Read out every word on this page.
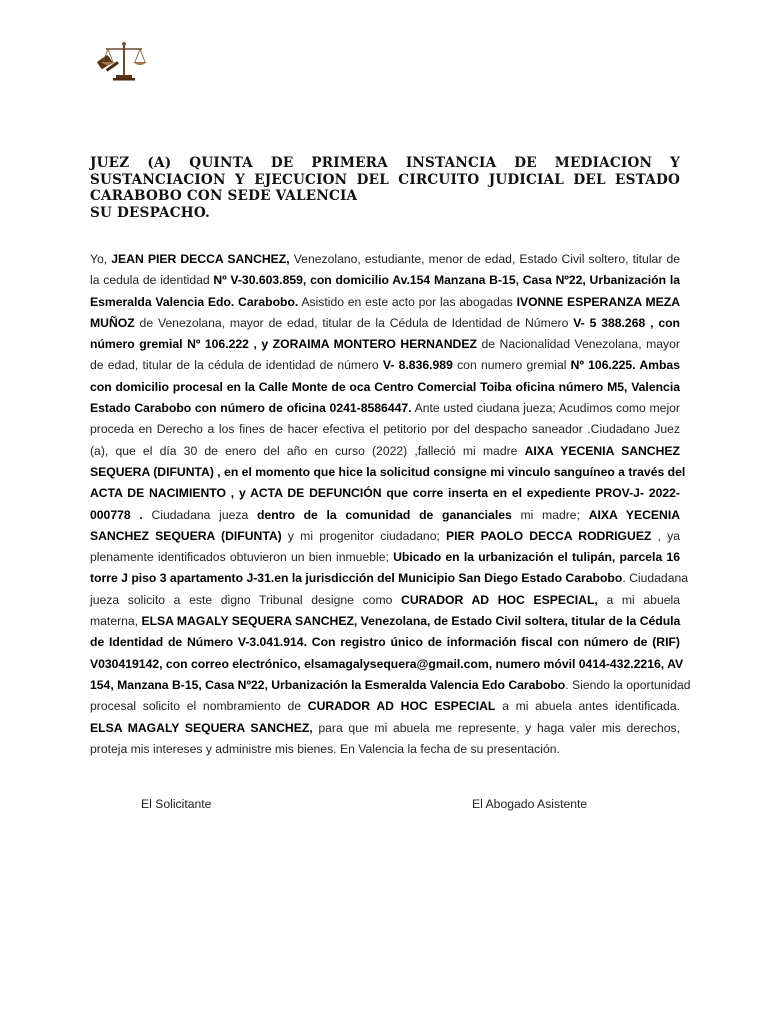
JUEZ (A) QUINTA DE PRIMERA INSTANCIA DE MEDIACION Y
SUSTANCIACION Y EJECUCION DEL CIRCUITO JUDICIAL DEL ESTADO
CARABOBO CON SEDE VALENCIA
SU DESPACHO.
Yo, JEAN PIER DECCA SANCHEZ, Venezolano, estudiante, menor de edad, Estado Civil soltero, titular de
la cedula de identidad Nº V-30.603.859, con domicilio Av.154 Manzana B-15, Casa Nº22, Urbanización la
Esmeralda Valencia Edo. Carabobo. Asistido en este acto por las abogadas IVONNE ESPERANZA MEZA
MUÑOZ de Venezolana, mayor de edad, titular de la Cédula de Identidad de Número V- 5 388.268 , con
número gremial Nº 106.222 , y ZORAIMA MONTERO HERNANDEZ de Nacionalidad Venezolana, mayor
de edad, titular de la cédula de identidad de número V- 8.836.989 con numero gremial Nº 106.225. Ambas
con domicilio procesal en la Calle Monte de oca Centro Comercial Toiba oficina número M5, Valencia
Estado Carabobo con número de oficina 0241-8586447. Ante usted ciudana jueza; Acudimos como mejor
proceda en Derecho a los fines de hacer efectiva el petitorio por del despacho saneador .Ciudadano Juez
(a), que el día 30 de enero del año en curso (2022) ,falleció mi madre AIXA YECENIA SANCHEZ
SEQUERA (DIFUNTA) , en el momento que hice la solicitud consigne mi vinculo sanguíneo a través del
ACTA DE NACIMIENTO , y ACTA DE DEFUNCIÓN que corre inserta en el expediente PROV-J- 2022-
000778 . Ciudadana jueza dentro de la comunidad de gananciales mi madre; AIXA YECENIA
SANCHEZ SEQUERA (DIFUNTA) y mi progenitor ciudadano; PIER PAOLO DECCA RODRIGUEZ , ya
plenamente identificados obtuvieron un bien inmueble; Ubicado en la urbanización el tulipán, parcela 16
torre J piso 3 apartamento J-31.en la jurisdicción del Municipio San Diego Estado Carabobo. Ciudadana
jueza solicito a este digno Tribunal designe como CURADOR AD HOC ESPECIAL, a mi abuela
materna, ELSA MAGALY SEQUERA SANCHEZ, Venezolana, de Estado Civil soltera, titular de la Cédula
de Identidad de Número V-3.041.914. Con registro único de información fiscal con número de (RIF)
V030419142, con correo electrónico, elsamagalysequera@gmail.com, numero móvil 0414-432.2216, AV
154, Manzana B-15, Casa Nº22, Urbanización la Esmeralda Valencia Edo Carabobo. Siendo la oportunidad
procesal solicito el nombramiento de CURADOR AD HOC ESPECIAL a mi abuela antes identificada.
ELSA MAGALY SEQUERA SANCHEZ, para que mi abuela me represente, y haga valer mis derechos,
proteja mis intereses y administre mis bienes. En Valencia la fecha de su presentación.
El Solicitante	El Abogado Asistente
